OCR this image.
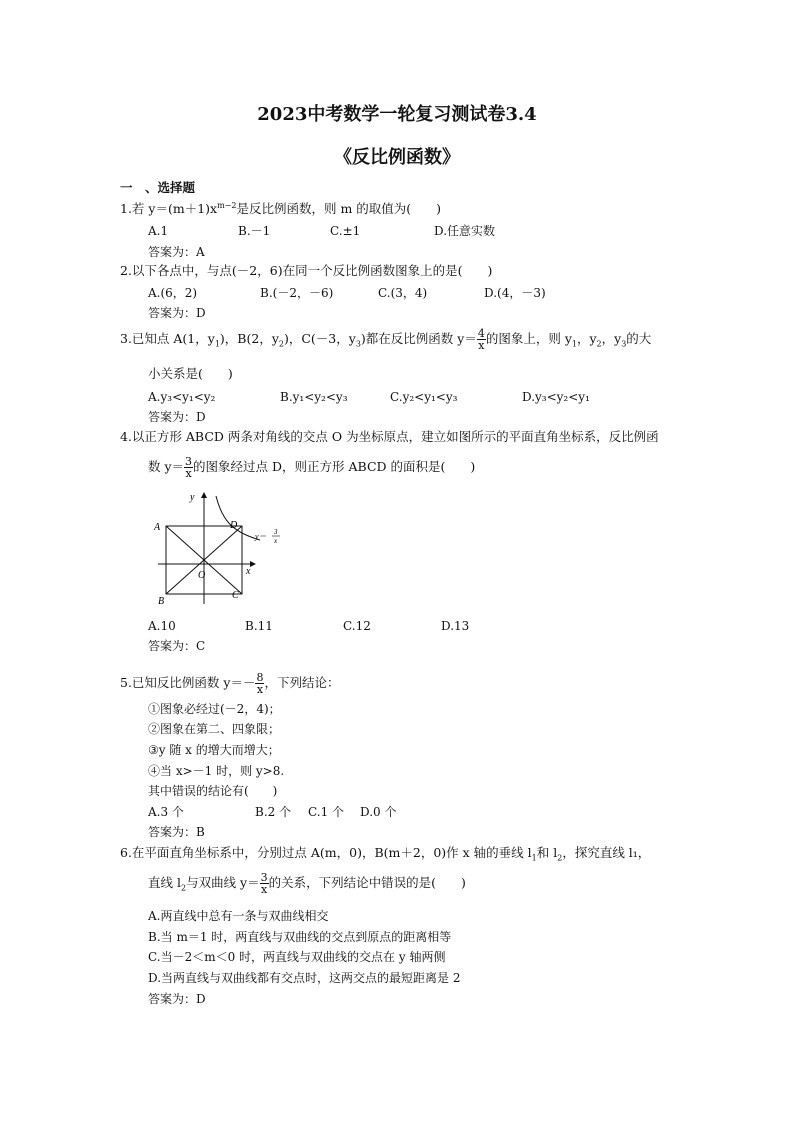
2023中考数学一轮复习测试卷3.4
《反比例函数》
一　、选择题
1.若 $y=(m+1)x^{m-2}$是反比例函数，则 m 的取值为(　　)
A.1	B.－1	C.±1	D.任意实数
答案为：A
2.以下各点中，与点(－2，6)在同一个反比例函数图象上的是(　　)
A.(6，2)	B.(－2，－6)	C.(3，4)	D.(4，－3)
答案为：D
3.已知点 A(1，$y_1$)，B(2，$y_2$)，C(－3，$y_3$)都在反比例函数 $y= \frac{4}{x}$ 的图象上，则 $y_1$，$y_2$，$y_3$的大
小关系是(　　)
A.y₃<y₁<y₂	B.y₁<y₂<y₃	C.y₂<y₁<y₃	D.y₃<y₂<y₁
答案为：D
4.以正方形 ABCD 两条对角线的交点 O 为坐标原点，建立如图所示的平面直角坐标系，反比例函
数 $y= \frac{3}{x}$ 的图象经过点 D，则正方形 ABCD 的面积是(　　)
y
A	D
x
O
B
C
y＝ 3
x
A.10	B.11	C.12	D.13
答案为：C
5.已知反比例函数 $y=- \frac{8}{x}$ ，下列结论：
①图象必经过(－2，4)；
②图象在第二、四象限；
③y 随 x 的增大而增大；
④当 x>－1 时，则 y>8.
其中错误的结论有(　　)
A.3 个	B.2 个 C.1 个 D.0 个
答案为：B
6.在平面直角坐标系中，分别过点 A(m，0)，B(m＋2，0)作 x 轴的垂线 $l_1$和 $l_2$，探究直线 l₁，
直线 $l_2$与双曲线 $y= \frac{3}{x}$ 的关系，下列结论中错误的是(　　)
A.两直线中总有一条与双曲线相交
B.当 m＝1 时，两直线与双曲线的交点到原点的距离相等
C.当－2＜m＜0 时，两直线与双曲线的交点在 y 轴两侧
D.当两直线与双曲线都有交点时，这两交点的最短距离是 2
答案为：D
